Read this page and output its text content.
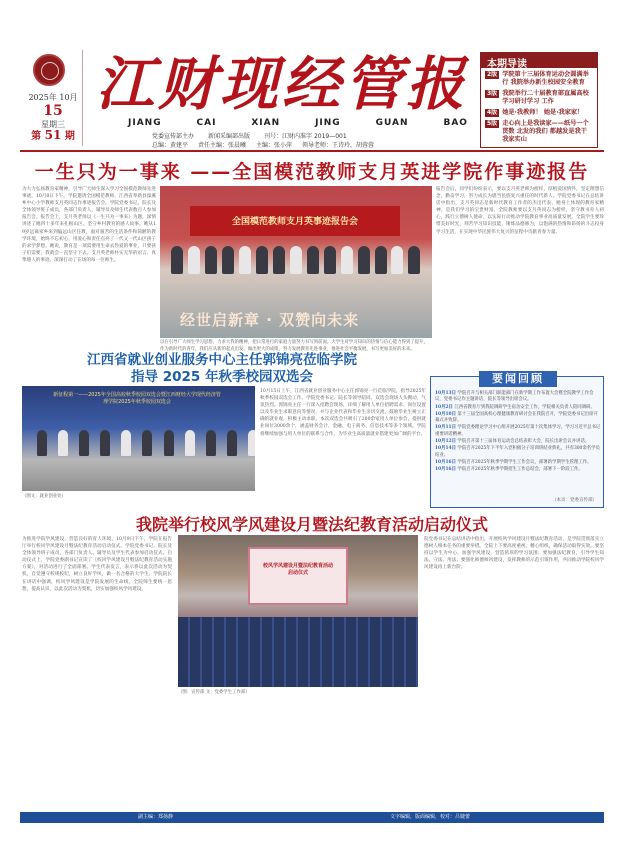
2025年 10月
15
星期三
第 51 期
江财现经管报
JIANG	CAI	XIAN	JING	GUAN	BAO
党委宣传部主办 新闻采编部出版 刊号：江财内准字 2019—001
总编：黄建平 责任主编：张晨曦 主编：张小萍 领导老师：王诗玲，胡蓉蓉
本期导读
2版 学院第十三届体育运动会圆满举行 我院举办新生校园安全教育
3版 我院举行二十届教育部直属高校学习研讨学习 工作
4版 她是·我教师！ 她是·我家家！
5版 走心向上是我读家——纸号一个贯数 北发的我们 都越发是我干我家实山
一生只为一事来 ——全国模范教师支月英进学院作事迹报告
为大力弘扬教育家精神，引导广大师生深入学习全国模范教师先进事迹，10月8日下午，学院邀请全国模范教师、江西省奉新县澡溪乡中心小学教师支月英同志作事迹报告会。学院党委书记、院长及全体领导班子成员，各部门负责人，辅导员及师生代表数百人参加报告会。报告会上，支月英老师以《一生只为一事来》为题，深情讲述了她四十多年来扎根山区、坚守乡村教育的感人故事。她从19岁远离家乡来到偏远山区任教，面对艰苦的生活条件和简陋的教学环境，始终不忘初心，用爱心和责任点亮了一代又一代山区孩子的求学梦想。她说，教育是一项需要用生命去热爱的事业，只要孩子们需要，我就会一直坚守下去。支月英老师朴实无华的语言、真挚感人的事迹，深深打动了在场的每一位师生。
全国模范教师支月英事迹报告会
经世启新章 · 双赞向未来
报告会后，同学们纷纷表示，要以支月英老师为榜样，厚植爱国情怀，坚定理想信念，勤奋学习，努力成长为堪当民族复兴重任的时代新人。学院党委书记在总结讲话中指出，支月英同志是新时代教育工作者的杰出代表，她身上体现的教育家精神，是我们学习的宝贵财富。全院教师要以支月英同志为榜样，坚守教书育人初心，践行立德树人使命，以实际行动推动学院教育事业高质量发展。全院学生要珍惜美好时光，刻苦学习知识技能，锤炼品德修为，以饱满的热情和昂扬的斗志投身学习生活，在实现中华民族伟大复兴的征程中贡献青春力量。
以在引导广大师生学习思想，力求大我的精神，把日常进行的家庭力量努力书写到前面。大学生对学习知识的热情与信心能力得到了提升，作为新时代的青年，我们应从新的起点出发，做出更大的成绩，努力发展教育先进事业，推进社会平衡发展，书写更加美好的未来。
江西省就业创业服务中心主任郭锦亮莅临学院
指导 2025 年秋季校园双选会
新征程第一——2025年全国高校秋季校园双选会暨江西财经大学现代经济管理学院2025年秋季校园双选会
10月15日上午，江西省就业创业服务中心主任郭锦亮一行莅临学院，指导2025年秋季校园双选会工作。学院党委书记、院长等领导陪同。双选会现场人头攒动，气氛热烈。郭锦亮主任一行深入招聘会现场，详细了解用人单位招聘需求、岗位设置以及毕业生求职意向等情况，并与企业代表和毕业生亲切交流，鼓励毕业生树立正确的就业观，积极主动求职。本次双选会共吸引了200余家用人单位参会，提供就业岗位3000余个，涵盖财务会计、金融、电子商务、信息技术等多个领域。学院将继续加强与用人单位的联系与合作，为毕业生高质量就业搭建更加广阔的平台。
（图文：就业创业处）
要闻回顾
10月13日 学院召开与相关部门职能部门在新学期工作布置大会暨全院教学工作会议，党委书记作主题讲话，院长等领导出席会议。
10月2日 江西省教育厅到我院调研学生宿舍安全工作，学院相关负责人陪同调研。
10月10日 第十三届全国高校心理健康教育研讨会在我院召开，学院党委书记出席开幕式并致辞。
10月11日 学院党委理论学习中心组开展2025年第十次集体学习，学习习近平总书记重要讲话精神。
10月12日 学院召开第十三届体育运动会总结表彰大会，院长出席会议并讲话。
10月14日 学院召开2025年下半年入党积极分子培训班结业典礼，共有300余名学员结业。
10月16日 学院召开2025年秋季学期学生工作会议，部署新学期学生管理工作。
10月16日 学院召开2025年秋季学期招生工作总结会，部署下一阶段工作。
（本页：党委宣传部）
我院举行校风学风建设月暨法纪教育活动启动仪式
为推进学院学风建设，营造良好的育人环境，10月9日下午，学院在报告厅举行校风学风建设月暨法纪教育活动启动仪式。学院党委书记、院长及全体领导班子成员，各部门负责人、辅导员及学生代表参加启动仪式。启动仪式上，学院党委副书记宣读了《校风学风建设月暨法纪教育活动实施方案》，对活动进行了全面部署。学生代表发言，表示将以此次活动为契机，自觉遵守校规校纪，树立良好学风，做一名合格的大学生。学院院长在讲话中强调，校风学风建设是学院发展的生命线，全院师生要统一思想、提高认识，以此次活动为契机，切实加强校风学风建设。
校风学风建设月暨法纪教育活动
启动仪式
院党委书记在总结讲话中指出，开展校风学风建设月暨法纪教育活动，是学院贯彻落实立德树人根本任务的重要举措。全院上下要高度重视，精心组织，确保活动取得实效。要坚持以学生为中心，加强学风建设，营造浓厚的学习氛围；要加强法纪教育，引导学生知法、守法、用法；要强化师德师风建设，发挥教师的示范引领作用，共同推动学院校风学风建设再上新台阶。
（图：宣传部 文：党委学生工作部）
副主编：郑扬静	文字编辑，版面编辑，校对：吕婕蕾
